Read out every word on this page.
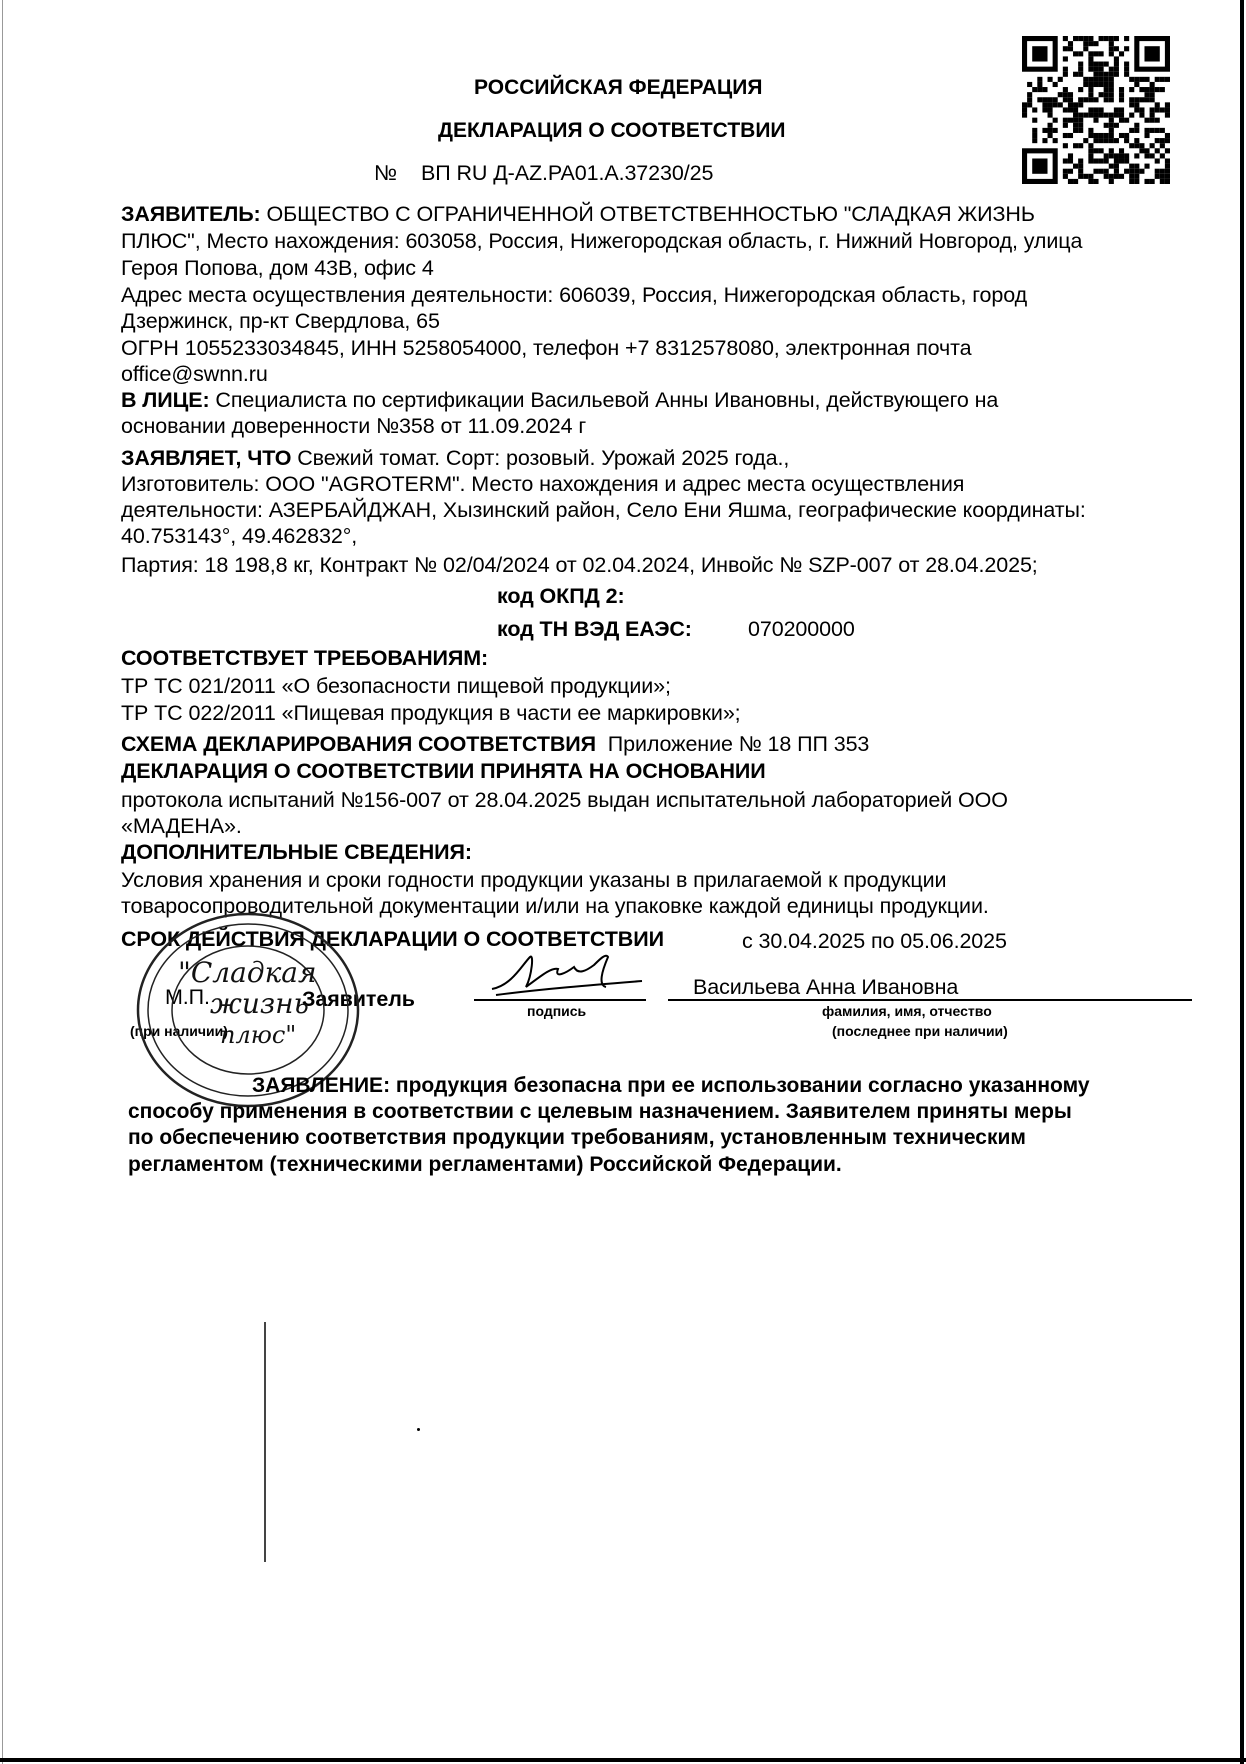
РОССИЙСКАЯ ФЕДЕРАЦИЯ
ДЕКЛАРАЦИЯ О СООТВЕТСТВИИ
№ ВП RU Д-AZ.PA01.A.37230/25
ЗАЯВИТЕЛЬ: ОБЩЕСТВО С ОГРАНИЧЕННОЙ ОТВЕТСТВЕННОСТЬЮ "СЛАДКАЯ ЖИЗНЬ
ПЛЮС", Место нахождения: 603058, Россия, Нижегородская область, г. Нижний Новгород, улица
Героя Попова, дом 43В, офис 4
Адрес места осуществления деятельности: 606039, Россия, Нижегородская область, город
Дзержинск, пр-кт Свердлова, 65
ОГРН 1055233034845, ИНН 5258054000, телефон +7 8312578080, электронная почта
office@swnn.ru
В ЛИЦЕ: Специалиста по сертификации Васильевой Анны Ивановны, действующего на
основании доверенности №358 от 11.09.2024 г
ЗАЯВЛЯЕТ, ЧТО Свежий томат. Сорт: розовый. Урожай 2025 года.,
Изготовитель: ООО "AGROTERM". Место нахождения и адрес места осуществления
деятельности: АЗЕРБАЙДЖАН, Хызинский район, Село Ени Яшма, географические координаты:
40.753143°, 49.462832°,
Партия: 18 198,8 кг, Контракт № 02/04/2024 от 02.04.2024, Инвойс № SZP-007 от 28.04.2025;
код ОКПД 2:
код ТН ВЭД ЕАЭС:	070200000
СООТВЕТСТВУЕТ ТРЕБОВАНИЯМ:
ТР ТС 021/2011 «О безопасности пищевой продукции»;
ТР ТС 022/2011 «Пищевая продукция в части ее маркировки»;
СХЕМА ДЕКЛАРИРОВАНИЯ СООТВЕТСТВИЯ Приложение № 18 ПП 353
ДЕКЛАРАЦИЯ О СООТВЕТСТВИИ ПРИНЯТА НА ОСНОВАНИИ
протокола испытаний №156-007 от 28.04.2025 выдан испытательной лабораторией ООО
«МАДЕНА».
ДОПОЛНИТЕЛЬНЫЕ СВЕДЕНИЯ:
Условия хранения и сроки годности продукции указаны в прилагаемой к продукции
товаросопроводительной документации и/или на упаковке каждой единицы продукции.
СРОК ДЕЙСТВИЯ ДЕКЛАРАЦИИ О СООТВЕТСТВИИ	с 30.04.2025 по 05.06.2025
М.П.	Заявитель	подпись
Васильева Анна Ивановна
фамилия, имя, отчество
(последнее при наличии)
(при наличии)
"Сладкая
жизнь
плюс"
ЗАЯВЛЕНИЕ: продукция безопасна при ее использовании согласно указанному
способу применения в соответствии с целевым назначением. Заявителем приняты меры
по обеспечению соответствия продукции требованиям, установленным техническим
регламентом (техническими регламентами) Российской Федерации.
